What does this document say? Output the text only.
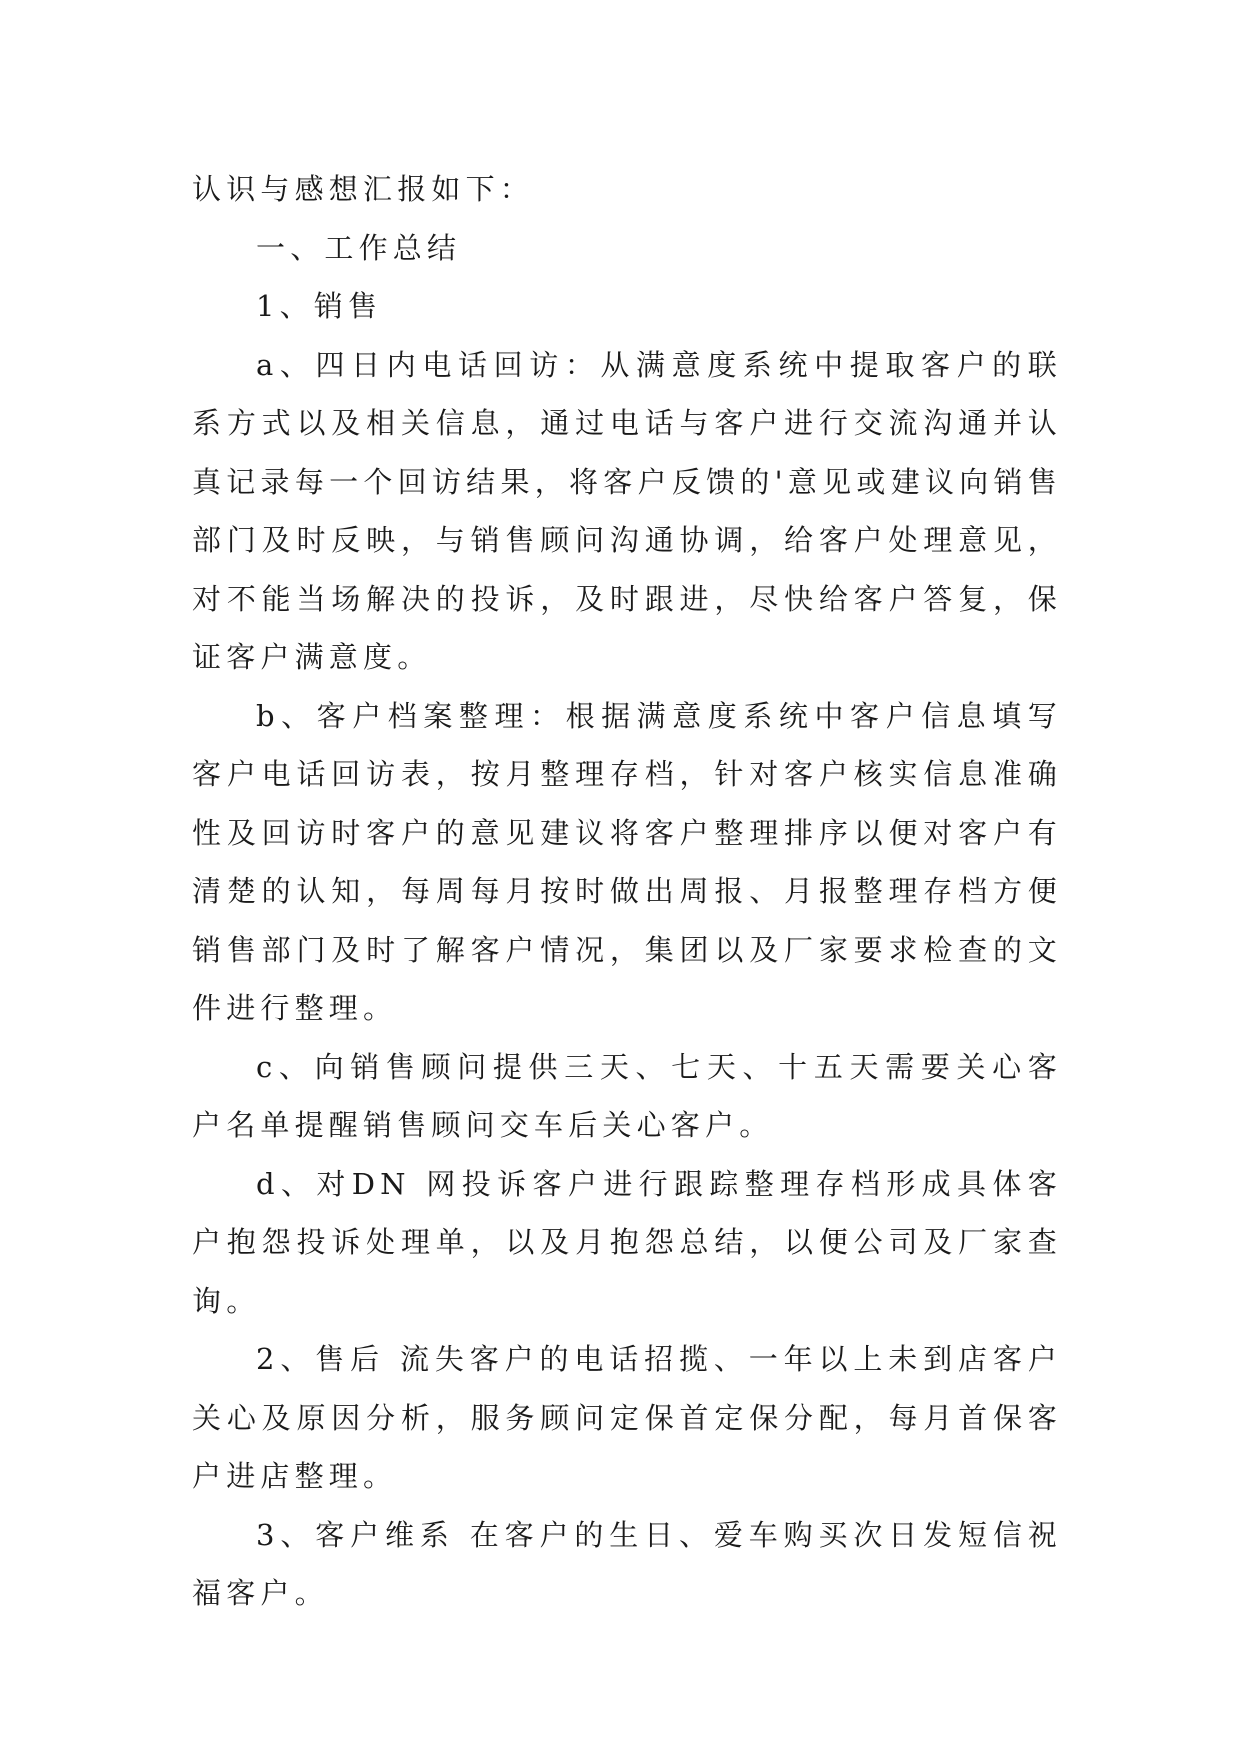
认识与感想汇报如下：

一、工作总结

1、销售

a、四日内电话回访：从满意度系统中提取客户的联系方式以及相关信息，通过电话与客户进行交流沟通并认真记录每一个回访结果，将客户反馈的'意见或建议向销售部门及时反映，与销售顾问沟通协调，给客户处理意见，对不能当场解决的投诉，及时跟进，尽快给客户答复，保证客户满意度。

b、客户档案整理：根据满意度系统中客户信息填写客户电话回访表，按月整理存档，针对客户核实信息准确性及回访时客户的意见建议将客户整理排序以便对客户有清楚的认知，每周每月按时做出周报、月报整理存档方便销售部门及时了解客户情况，集团以及厂家要求检查的文件进行整理。

c、向销售顾问提供三天、七天、十五天需要关心客户名单提醒销售顾问交车后关心客户。

d、对DN 网投诉客户进行跟踪整理存档形成具体客户抱怨投诉处理单，以及月抱怨总结，以便公司及厂家查询。

2、售后 流失客户的电话招揽、一年以上未到店客户关心及原因分析，服务顾问定保首定保分配，每月首保客户进店整理。

3、客户维系 在客户的生日、爱车购买次日发短信祝福客户。
